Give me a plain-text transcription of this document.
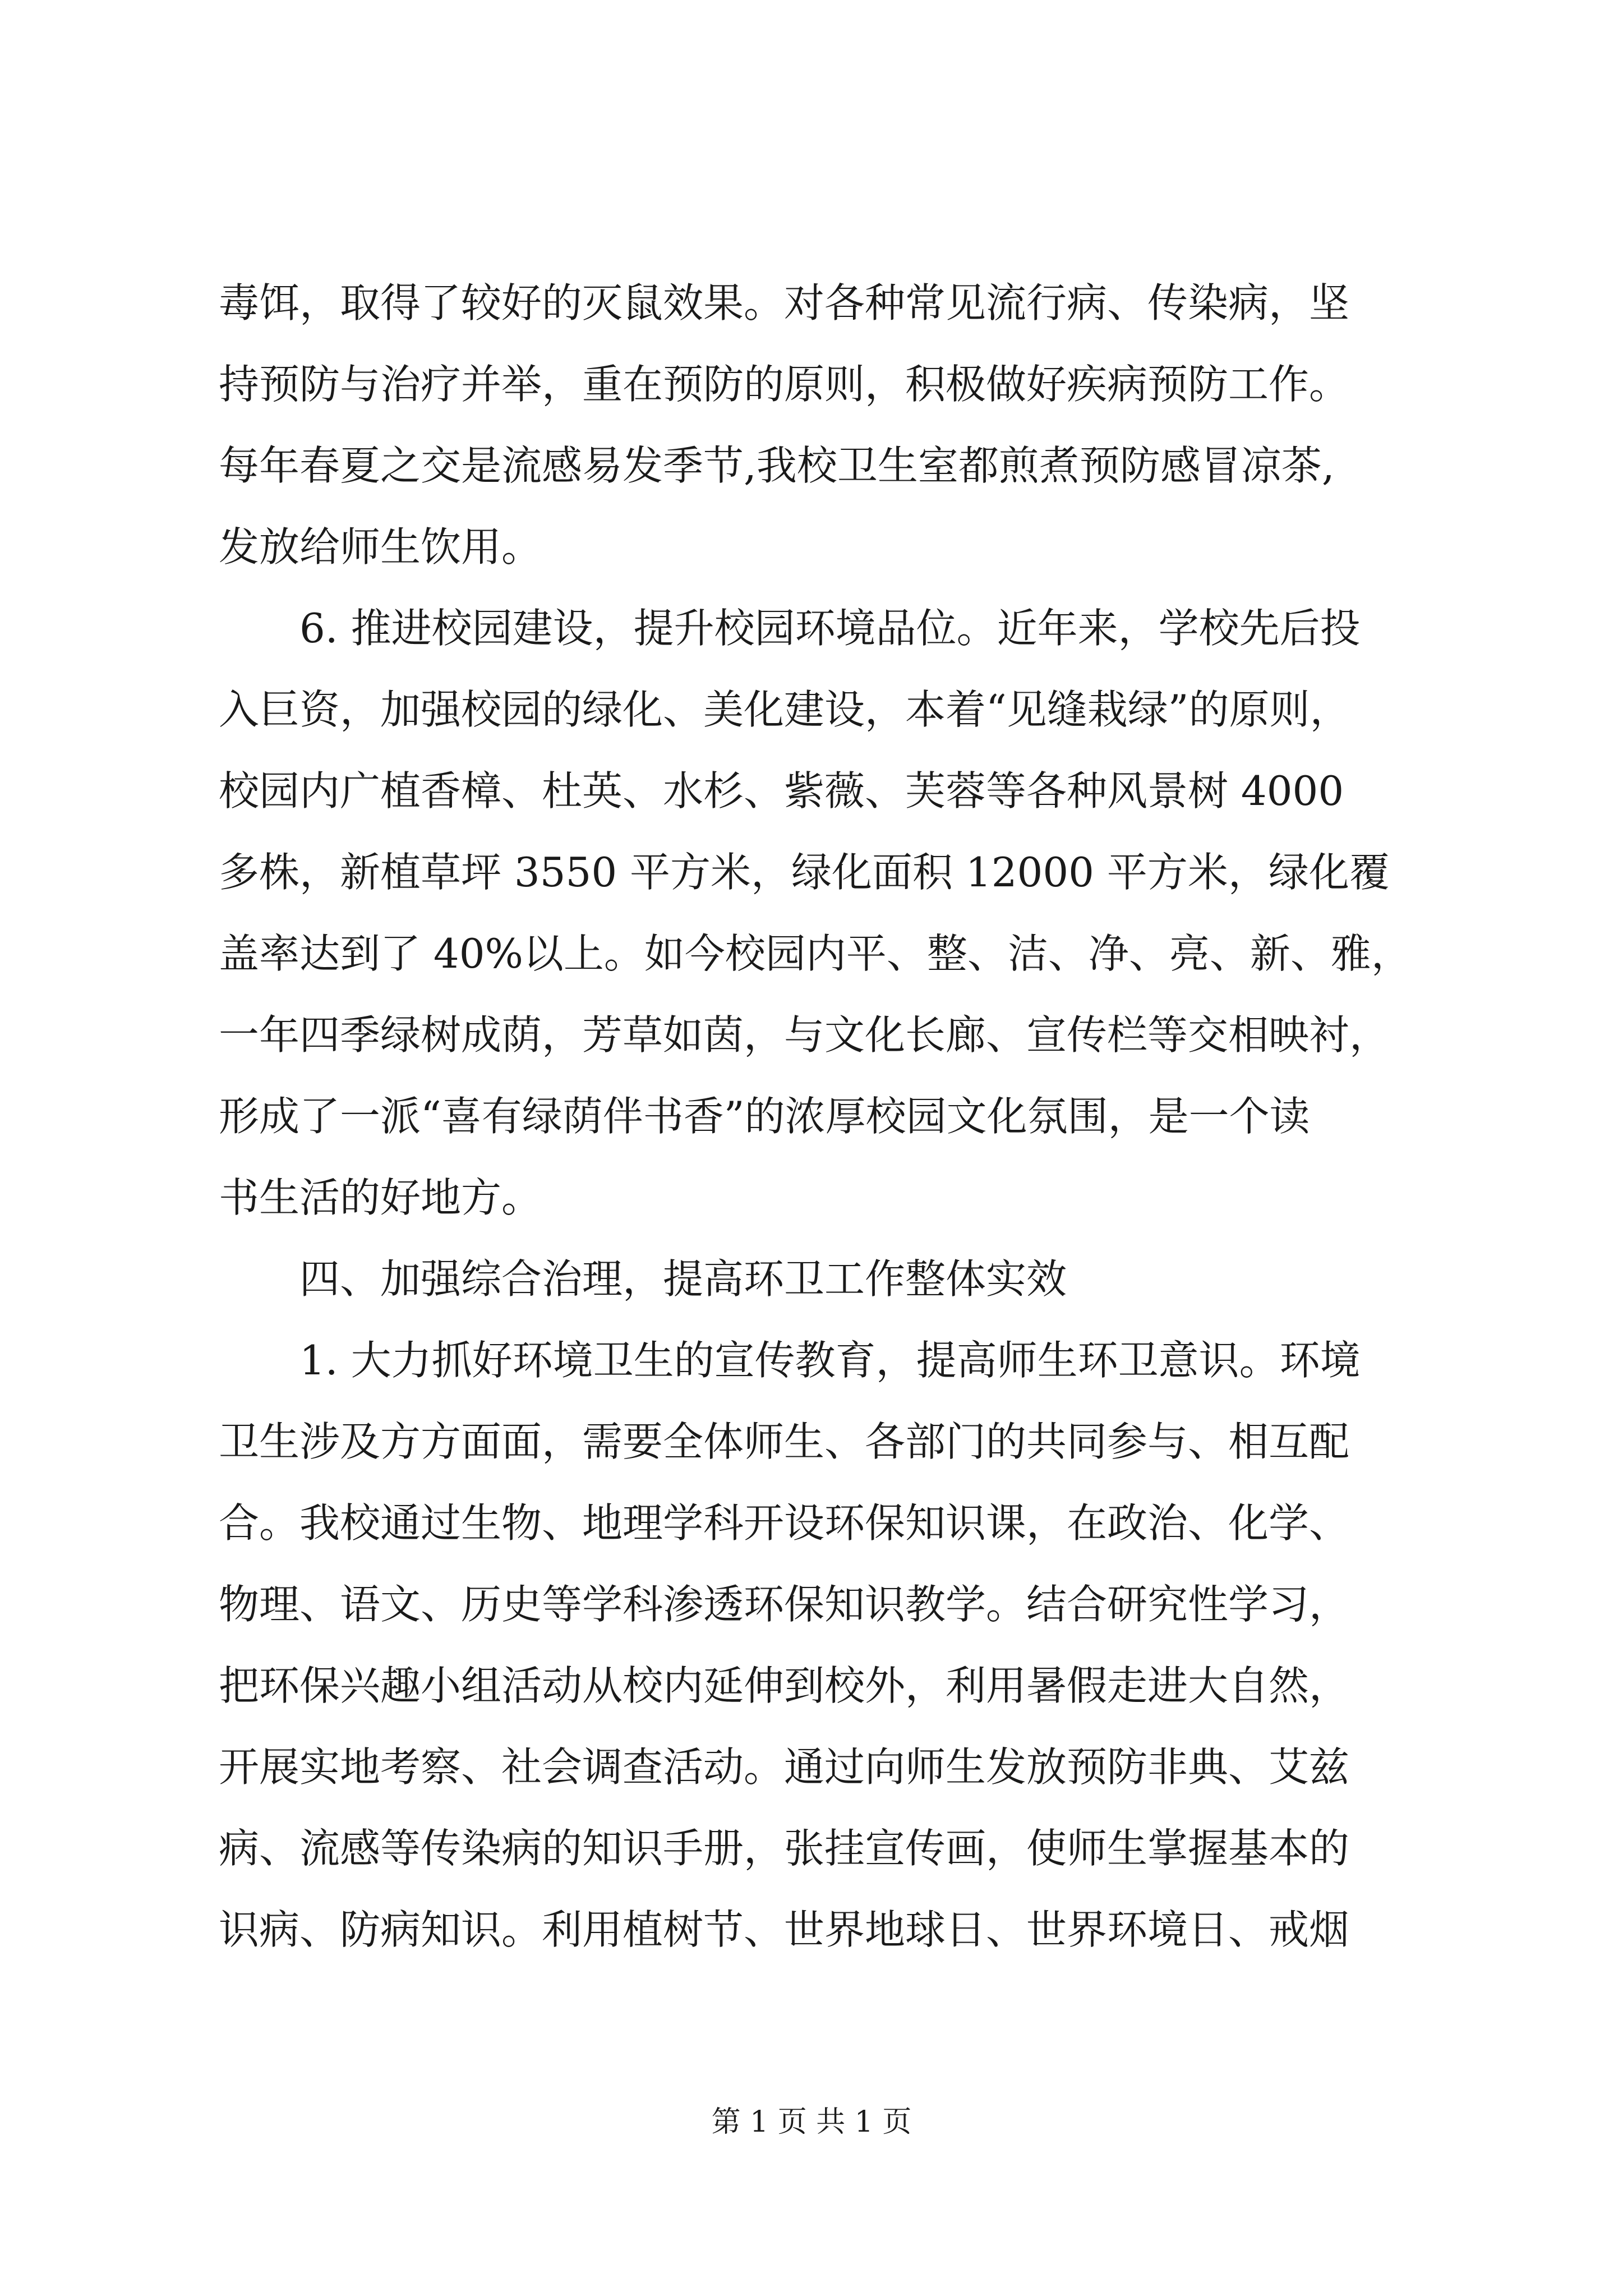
毒饵，取得了较好的灭鼠效果。对各种常见流行病、传染病，坚
持预防与治疗并举，重在预防的原则，积极做好疾病预防工作。
每年春夏之交是流感易发季节,我校卫生室都煎煮预防感冒凉茶,
发放给师生饮用。
6. 推进校园建设，提升校园环境品位。近年来，学校先后投
入巨资，加强校园的绿化、美化建设，本着“见缝栽绿”的原则，
校园内广植香樟、杜英、水杉、紫薇、芙蓉等各种风景树 4000
多株，新植草坪 3550 平方米，绿化面积 12000 平方米，绿化覆
盖率达到了 40%以上。如今校园内平、整、洁、净、亮、新、雅，
一年四季绿树成荫，芳草如茵，与文化长廊、宣传栏等交相映衬，
形成了一派“喜有绿荫伴书香”的浓厚校园文化氛围，是一个读
书生活的好地方。
四、加强综合治理，提高环卫工作整体实效
1. 大力抓好环境卫生的宣传教育，提高师生环卫意识。环境
卫生涉及方方面面，需要全体师生、各部门的共同参与、相互配
合。我校通过生物、地理学科开设环保知识课，在政治、化学、
物理、语文、历史等学科渗透环保知识教学。结合研究性学习，
把环保兴趣小组活动从校内延伸到校外，利用暑假走进大自然，
开展实地考察、社会调查活动。通过向师生发放预防非典、艾兹
病、流感等传染病的知识手册，张挂宣传画，使师生掌握基本的
识病、防病知识。利用植树节、世界地球日、世界环境日、戒烟
第 1 页 共 1 页
